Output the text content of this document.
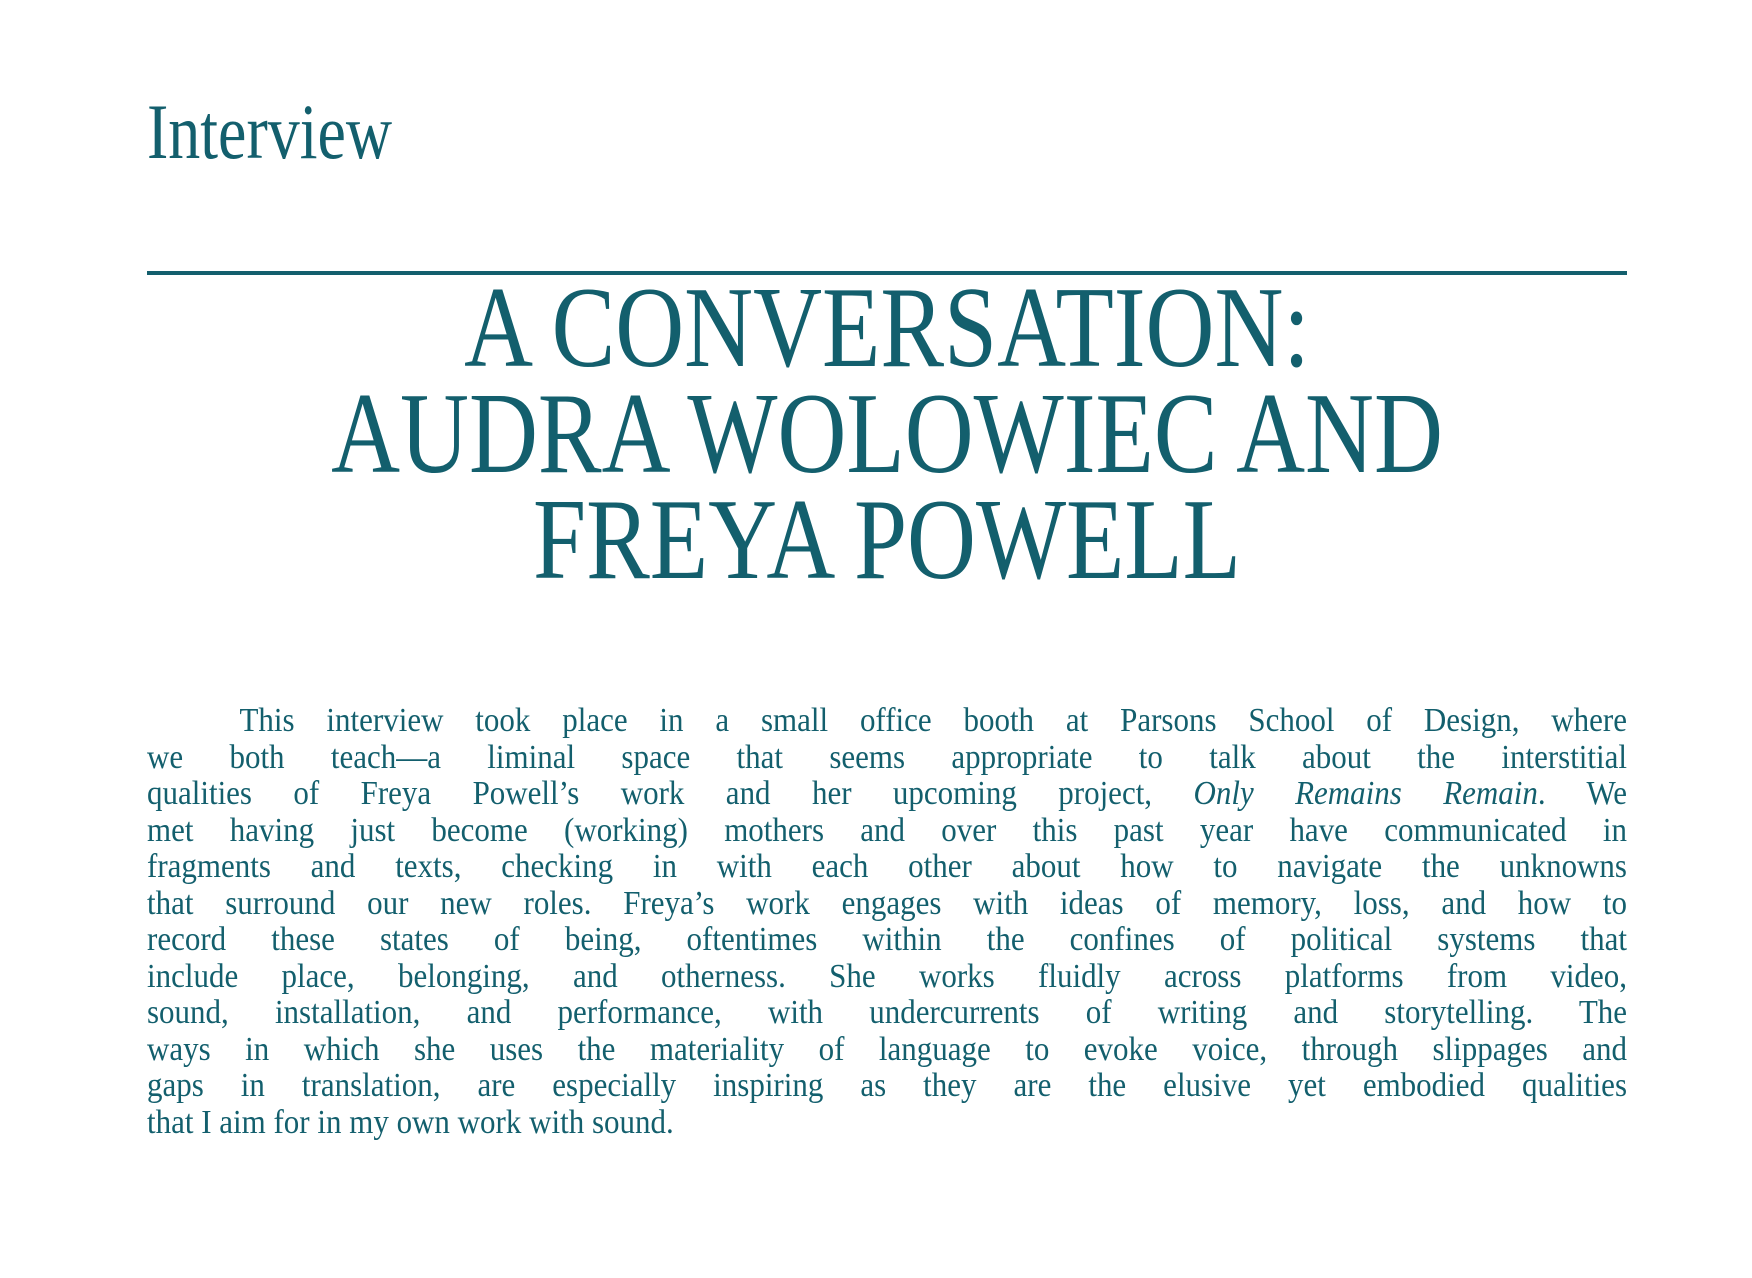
Interview
A CONVERSATION:
AUDRA WOLOWIEC AND
FREYA POWELL
This interview took place in a small office booth at Parsons School of Design, where
we both teach—a liminal space that seems appropriate to talk about the interstitial
qualities of Freya Powell’s work and her upcoming project, Only Remains Remain. We
met having just become (working) mothers and over this past year have communicated in
fragments and texts, checking in with each other about how to navigate the unknowns
that surround our new roles. Freya’s work engages with ideas of memory, loss, and how to
record these states of being, oftentimes within the confines of political systems that
include place, belonging, and otherness. She works fluidly across platforms from video,
sound, installation, and performance, with undercurrents of writing and storytelling. The
ways in which she uses the materiality of language to evoke voice, through slippages and
gaps in translation, are especially inspiring as they are the elusive yet embodied qualities
that I aim for in my own work with sound.
